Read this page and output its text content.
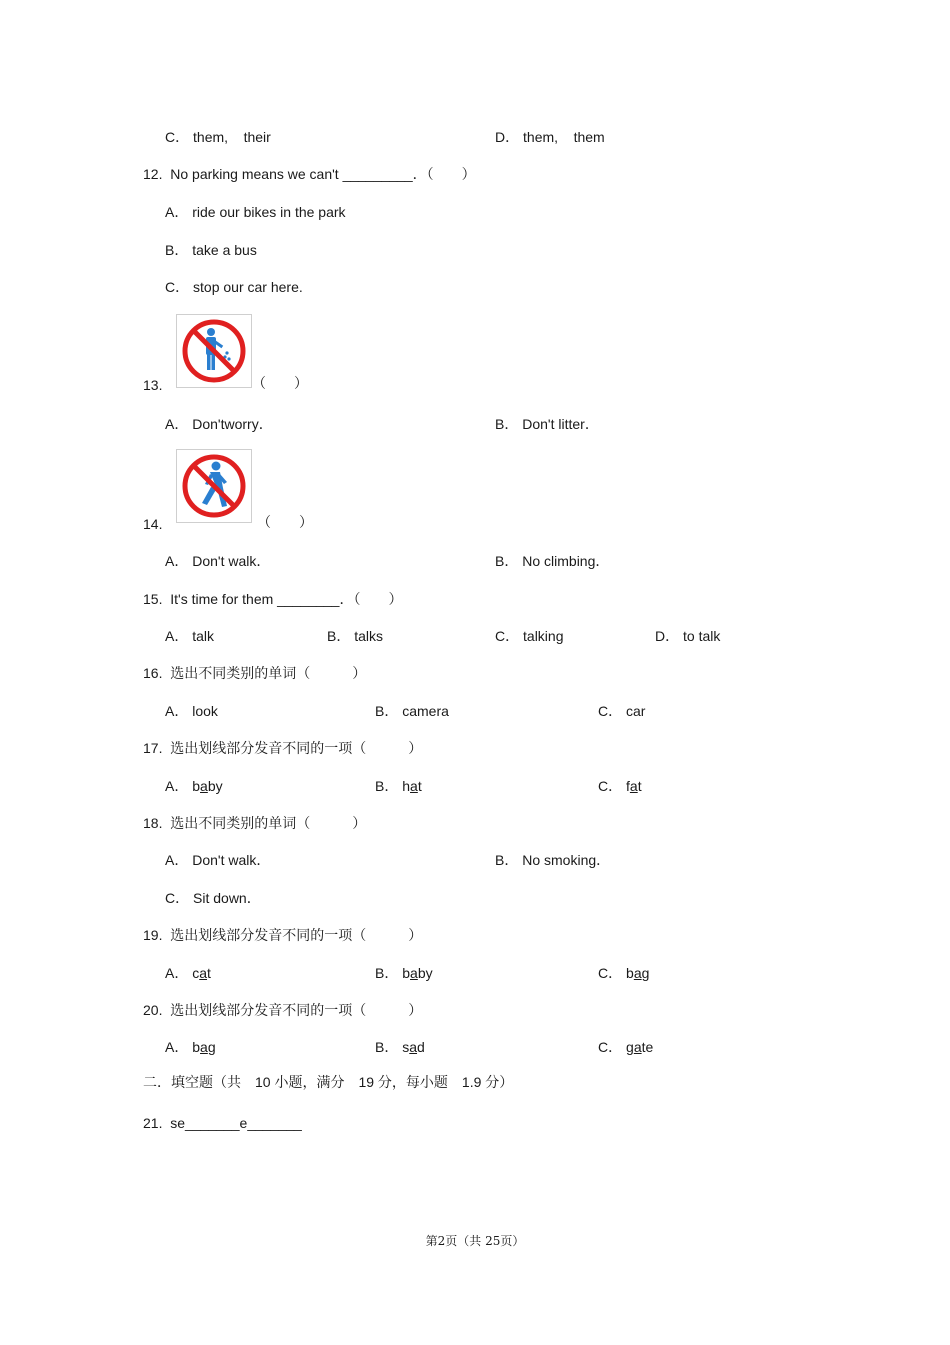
C． them,    their	D． them,    them
12. No parking means we can't _________．（　　）
A． ride our bikes in the park
B． take a bus
C． stop our car here.
13.	（　　）
A． Don'tworry．	B． Don't litter．
14.	（　　）
A． Don't walk．	B． No climbing．
15. It's time for them ________．（　　）
A． talk	B． talks	C． talking	D． to talk
16. 选出不同类别的单词（　　　）
A． look	B． camera	C． car
17. 选出划线部分发音不同的一项（　　　）
A． baby	B． hat	C． fat
18. 选出不同类别的单词（　　　）
A． Don't walk．	B． No smoking．
C． Sit down．
19. 选出划线部分发音不同的一项（　　　）
A． cat	B． baby	C． bag
20. 选出划线部分发音不同的一项（　　　）
A． bag	B． sad	C． gate
二．填空题（共　10 小题，满分　19 分，每小题　1.9 分）
21. se_______e_______
第2页（共 25页）
